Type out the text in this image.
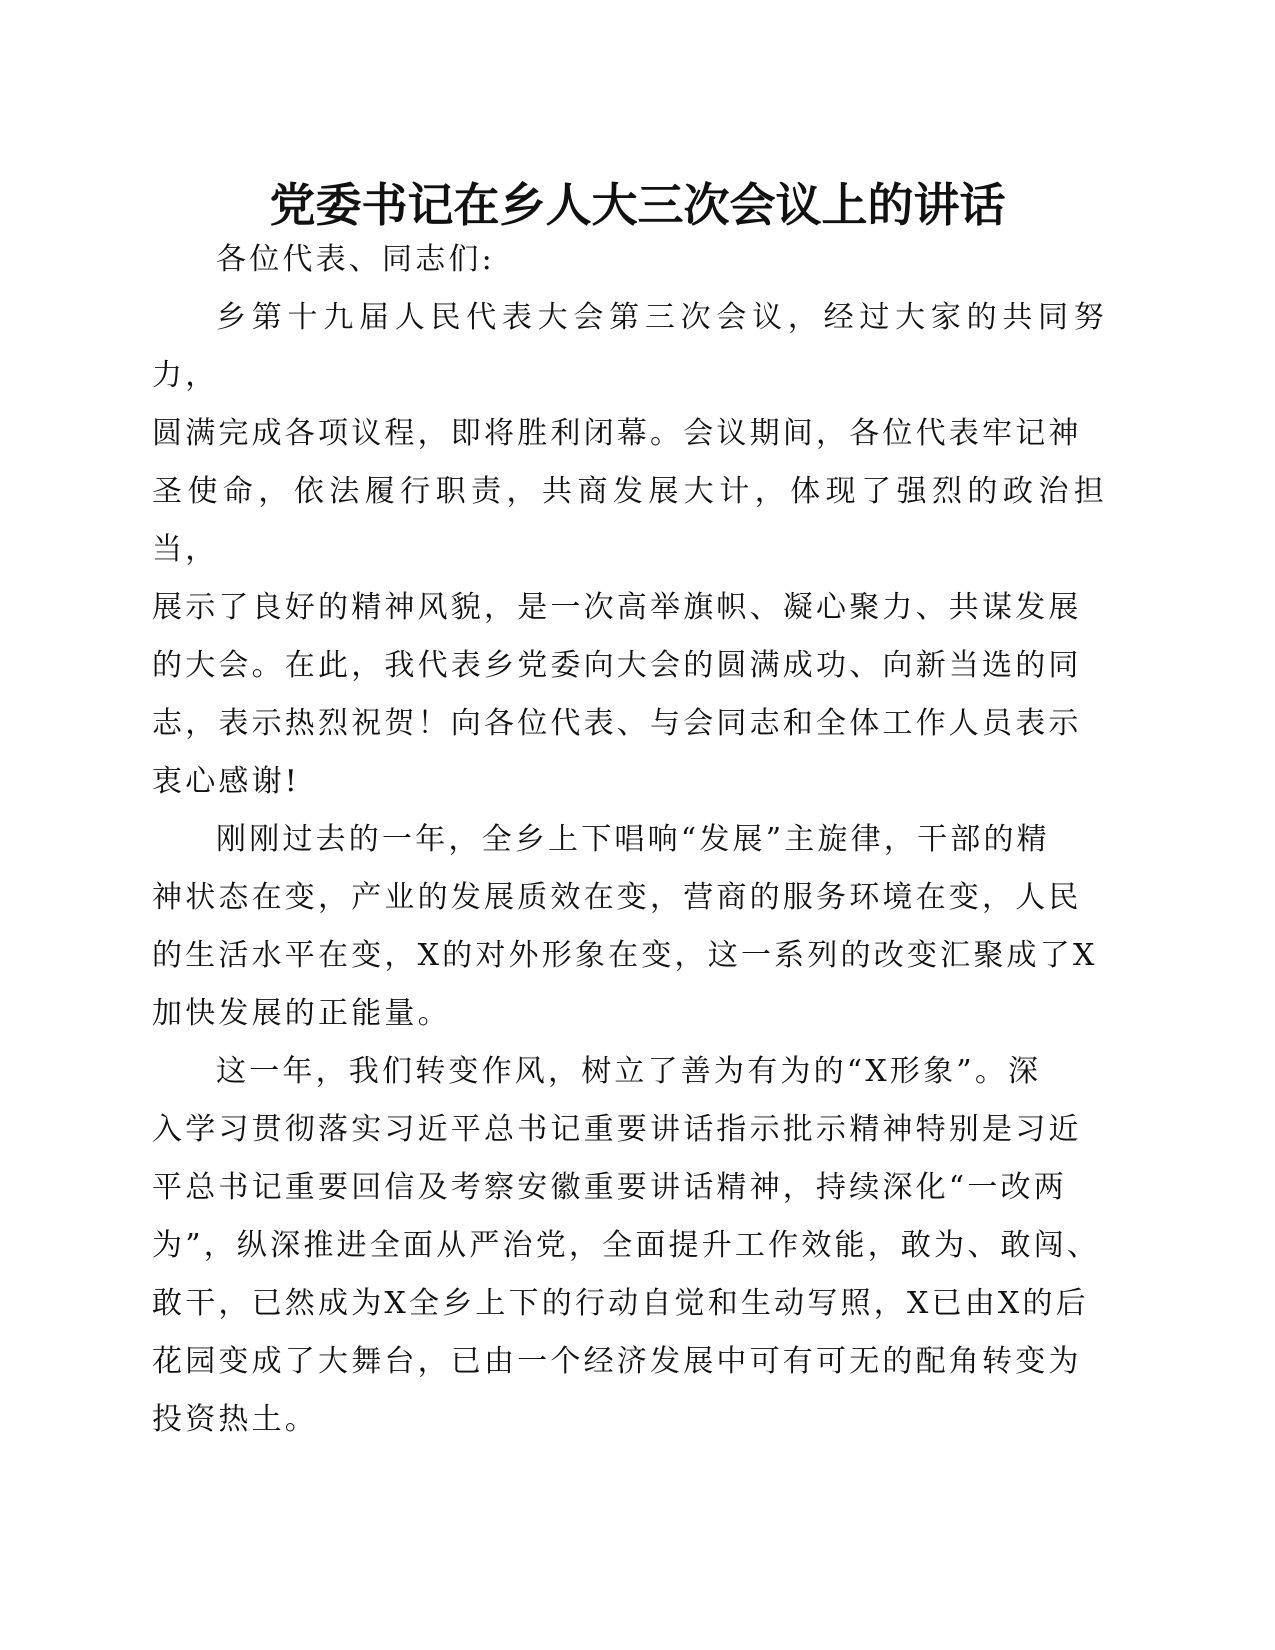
党委书记在乡人大三次会议上的讲话

各位代表、同志们:

乡第十九届人民代表大会第三次会议，经过大家的共同努力，
圆满完成各项议程，即将胜利闭幕。会议期间，各位代表牢记神
圣使命，依法履行职责，共商发展大计，体现了强烈的政治担当，
展示了良好的精神风貌，是一次高举旗帜、凝心聚力、共谋发展
的大会。在此，我代表乡党委向大会的圆满成功、向新当选的同
志，表示热烈祝贺！向各位代表、与会同志和全体工作人员表示
衷心感谢!

刚刚过去的一年，全乡上下唱响“发展”主旋律，干部的精
神状态在变，产业的发展质效在变，营商的服务环境在变，人民
的生活水平在变，X的对外形象在变，这一系列的改变汇聚成了X
加快发展的正能量。

这一年，我们转变作风，树立了善为有为的“X形象”。深
入学习贯彻落实习近平总书记重要讲话指示批示精神特别是习近
平总书记重要回信及考察安徽重要讲话精神，持续深化“一改两
为”，纵深推进全面从严治党，全面提升工作效能，敢为、敢闯、
敢干，已然成为X全乡上下的行动自觉和生动写照，X已由X的后
花园变成了大舞台，已由一个经济发展中可有可无的配角转变为
投资热土。
